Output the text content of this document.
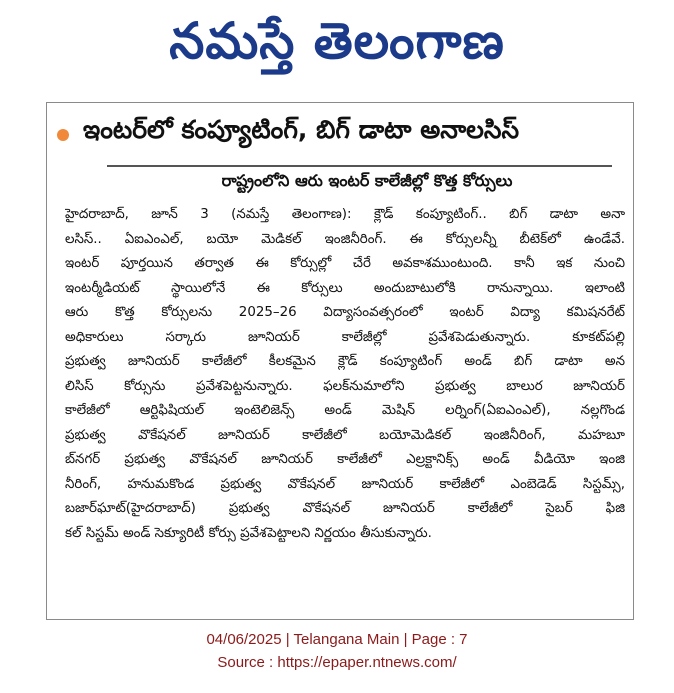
నమస్తే తెలంగాణ
ఇంటర్‌లో కంప్యూటింగ్, బిగ్ డాటా అనాలసిస్
రాష్ట్రంలోని ఆరు ఇంటర్ కాలేజీల్లో కొత్త కోర్సులు
హైదరాబాద్, జూన్ 3 (నమస్తే తెలంగాణ): క్లౌడ్ కంప్యూటింగ్.. బిగ్ డాటా అనా
లసిస్.. ఏఐఎంఎల్, బయో మెడికల్ ఇంజినీరింగ్. ఈ కోర్సులన్నీ బీటెక్‌లో ఉండేవే.
ఇంటర్ పూర్తయిన తర్వాత ఈ కోర్సుల్లో చేరే అవకాశముంటుంది. కానీ ఇక నుంచి
ఇంటర్మీడియట్ స్థాయిలోనే ఈ కోర్సులు అందుబాటులోకి రానున్నాయి. ఇలాంటి
ఆరు కొత్త కోర్సులను 2025–26 విద్యాసంవత్సరంలో ఇంటర్ విద్యా కమిషనరేట్
అధికారులు సర్కారు జూనియర్ కాలేజీల్లో ప్రవేశపెడుతున్నారు. కూకట్‌పల్లి
ప్రభుత్వ జూనియర్ కాలేజీలో కీలకమైన క్లౌడ్ కంప్యూటింగ్ అండ్ బిగ్ డాటా అన
లిసిస్ కోర్సును ప్రవేశపెట్టనున్నారు. ఫలక్‌నుమాలోని ప్రభుత్వ బాలుర జూనియర్
కాలేజీలో ఆర్టిఫిషియల్ ఇంటెలిజెన్స్ అండ్ మెషిన్ లర్నింగ్(ఏఐఎంఎల్), నల్లగొండ
ప్రభుత్వ వొకేషనల్ జూనియర్ కాలేజీలో బయోమెడికల్ ఇంజినీరింగ్, మహబూ
బ్‌నగర్ ప్రభుత్వ వొకేషనల్ జూనియర్ కాలేజీలో ఎల్రక్టానిక్స్ అండ్ వీడియో ఇంజి
నీరింగ్, హనుమకొండ ప్రభుత్వ వొకేషనల్ జూనియర్ కాలేజీలో ఎంబెడెడ్ సిస్టమ్స్,
బజార్‌ఘాట్(హైదరాబాద్) ప్రభుత్వ వొకేషనల్ జూనియర్ కాలేజీలో సైబర్ ఫిజి
కల్ సిస్టమ్ అండ్ సెక్యూరిటీ కోర్సు ప్రవేశపెట్టాలని నిర్ణయం తీసుకున్నారు.
04/06/2025 | Telangana Main | Page : 7
Source : https://epaper.ntnews.com/
